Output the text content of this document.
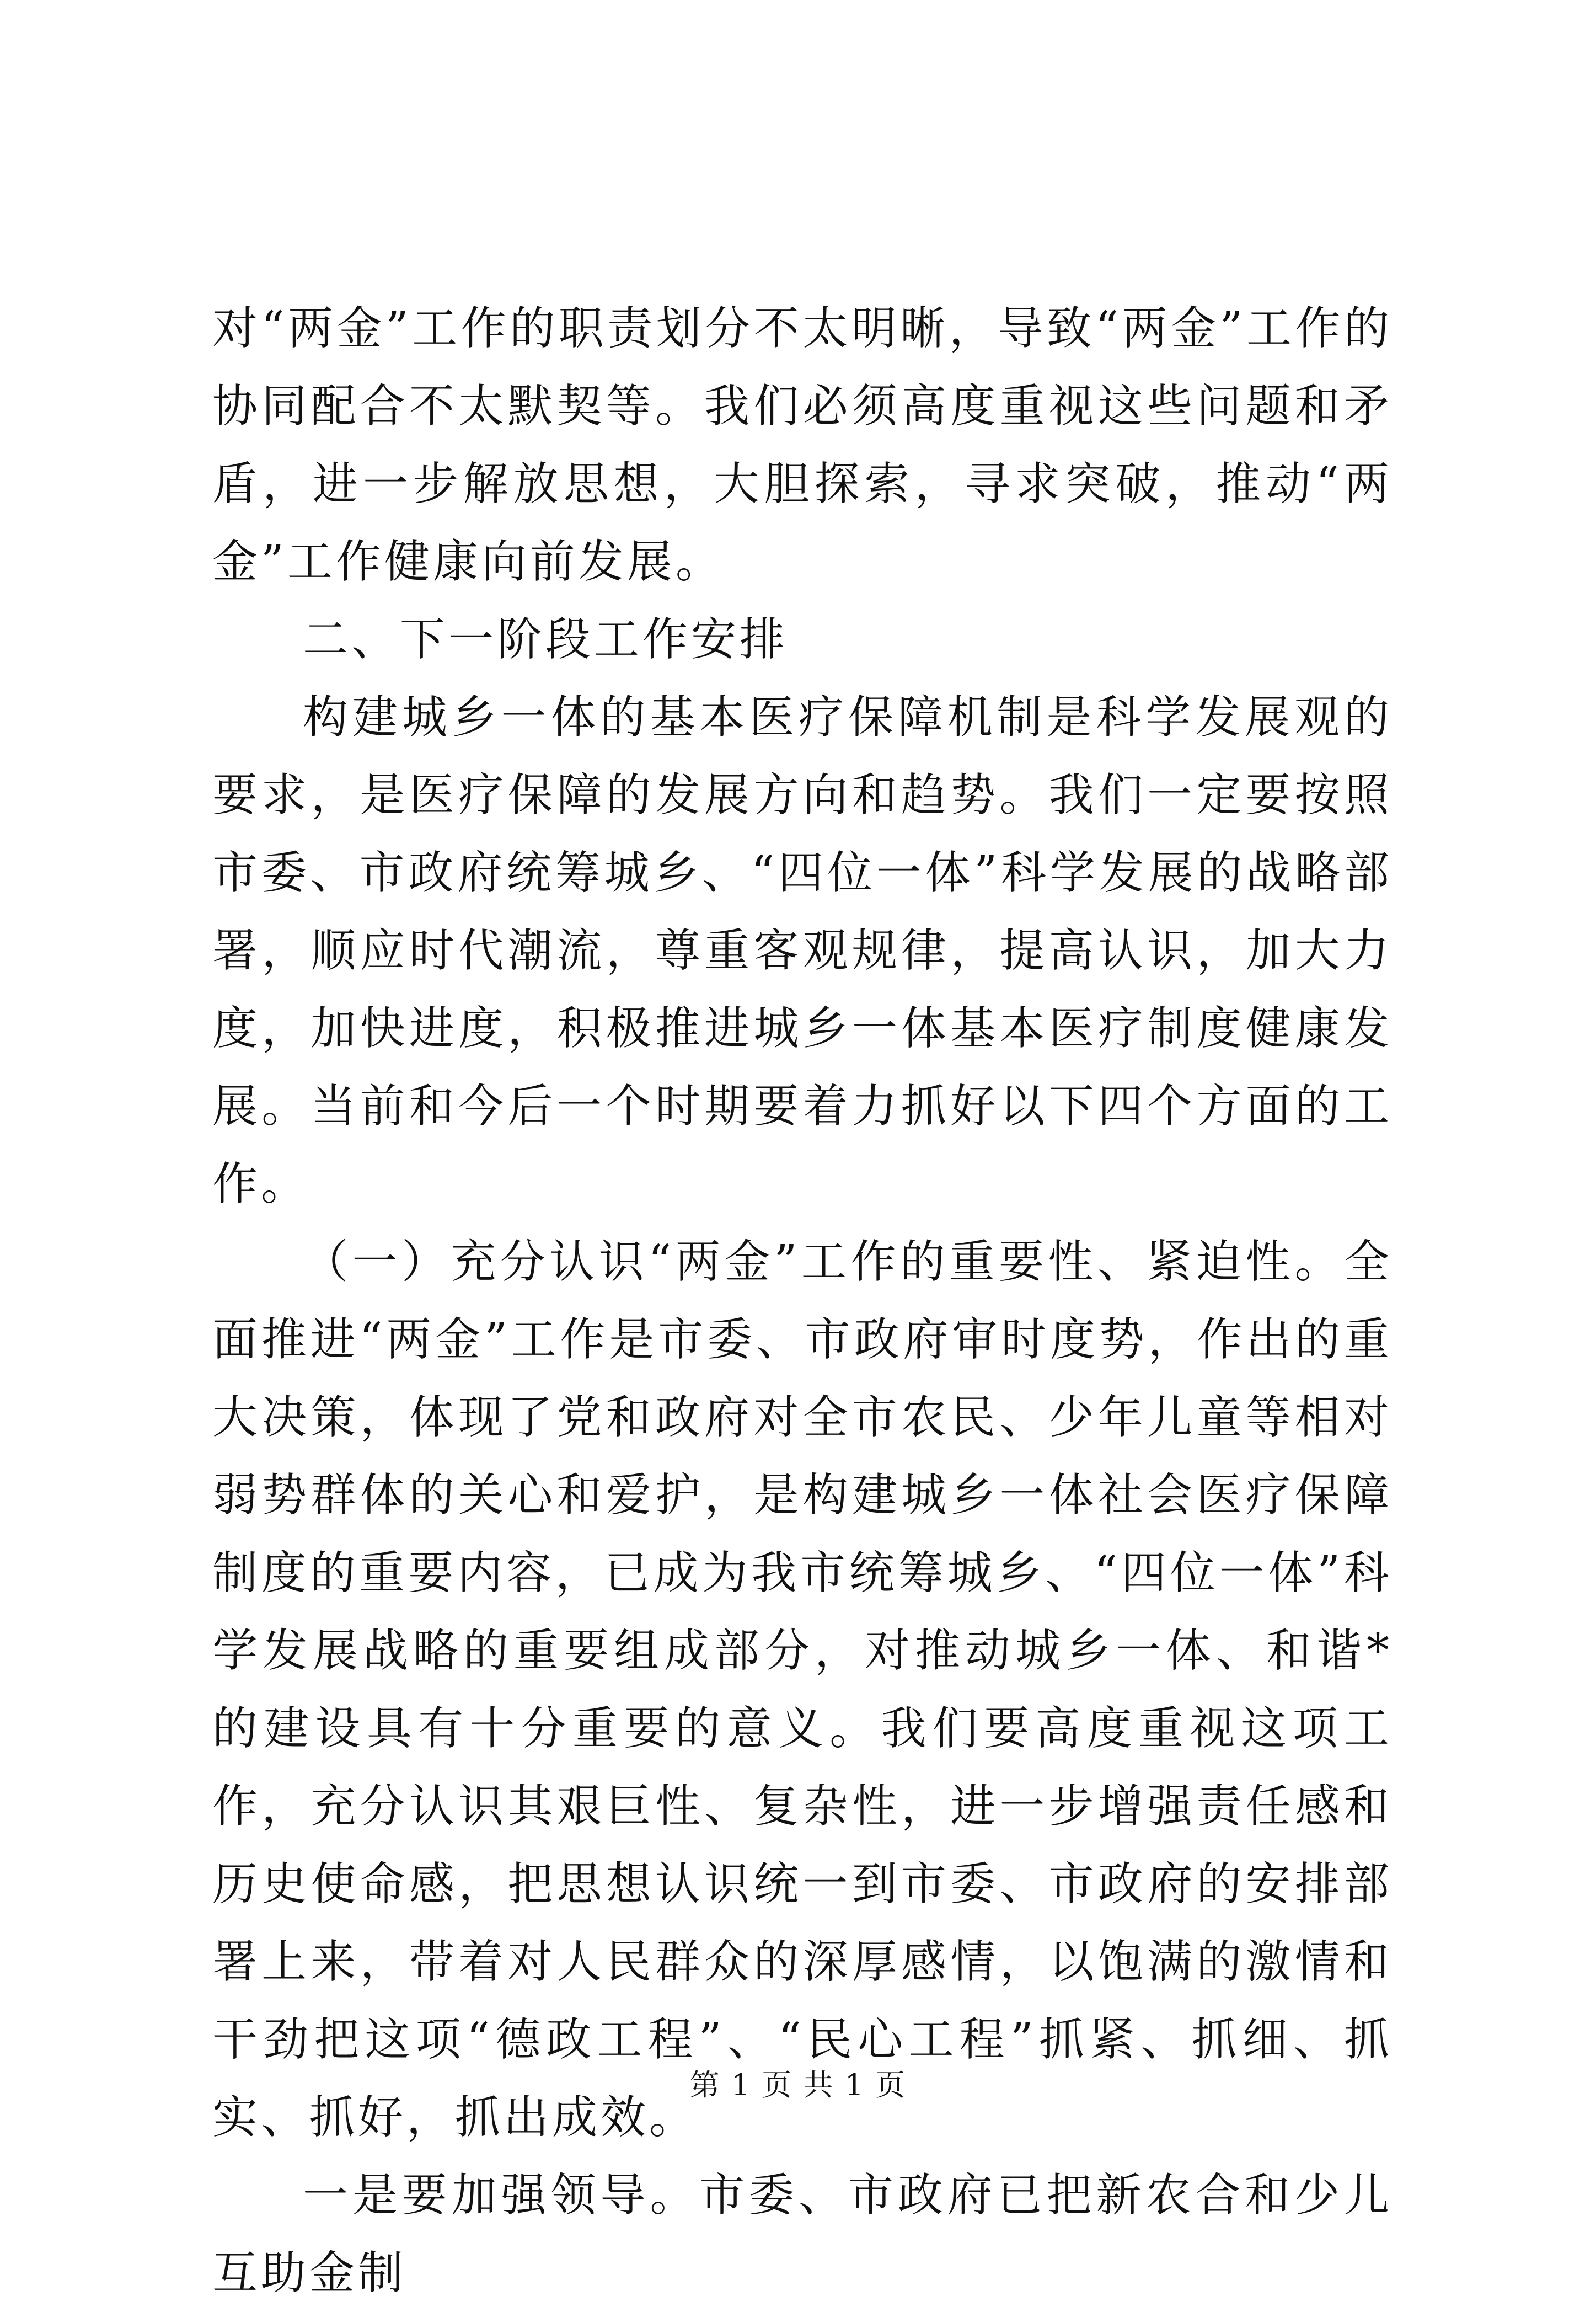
对“两金”工作的职责划分不太明晰，导致“两金”工作的协同配合不太默契等。我们必须高度重视这些问题和矛盾，进一步解放思想，大胆探索，寻求突破，推动“两金”工作健康向前发展。

二、下一阶段工作安排

构建城乡一体的基本医疗保障机制是科学发展观的要求，是医疗保障的发展方向和趋势。我们一定要按照市委、市政府统筹城乡、“四位一体”科学发展的战略部署，顺应时代潮流，尊重客观规律，提高认识，加大力度，加快进度，积极推进城乡一体基本医疗制度健康发展。当前和今后一个时期要着力抓好以下四个方面的工作。

（一）充分认识“两金”工作的重要性、紧迫性。全面推进“两金”工作是市委、市政府审时度势，作出的重大决策，体现了党和政府对全市农民、少年儿童等相对弱势群体的关心和爱护，是构建城乡一体社会医疗保障制度的重要内容，已成为我市统筹城乡、“四位一体”科学发展战略的重要组成部分，对推动城乡一体、和谐*的建设具有十分重要的意义。我们要高度重视这项工作，充分认识其艰巨性、复杂性，进一步增强责任感和历史使命感，把思想认识统一到市委、市政府的安排部署上来，带着对人民群众的深厚感情，以饱满的激情和干劲把这项“德政工程”、“民心工程”抓紧、抓细、抓实、抓好，抓出成效。

一是要加强领导。市委、市政府已把新农合和少儿互助金制

第 1 页 共 1 页
